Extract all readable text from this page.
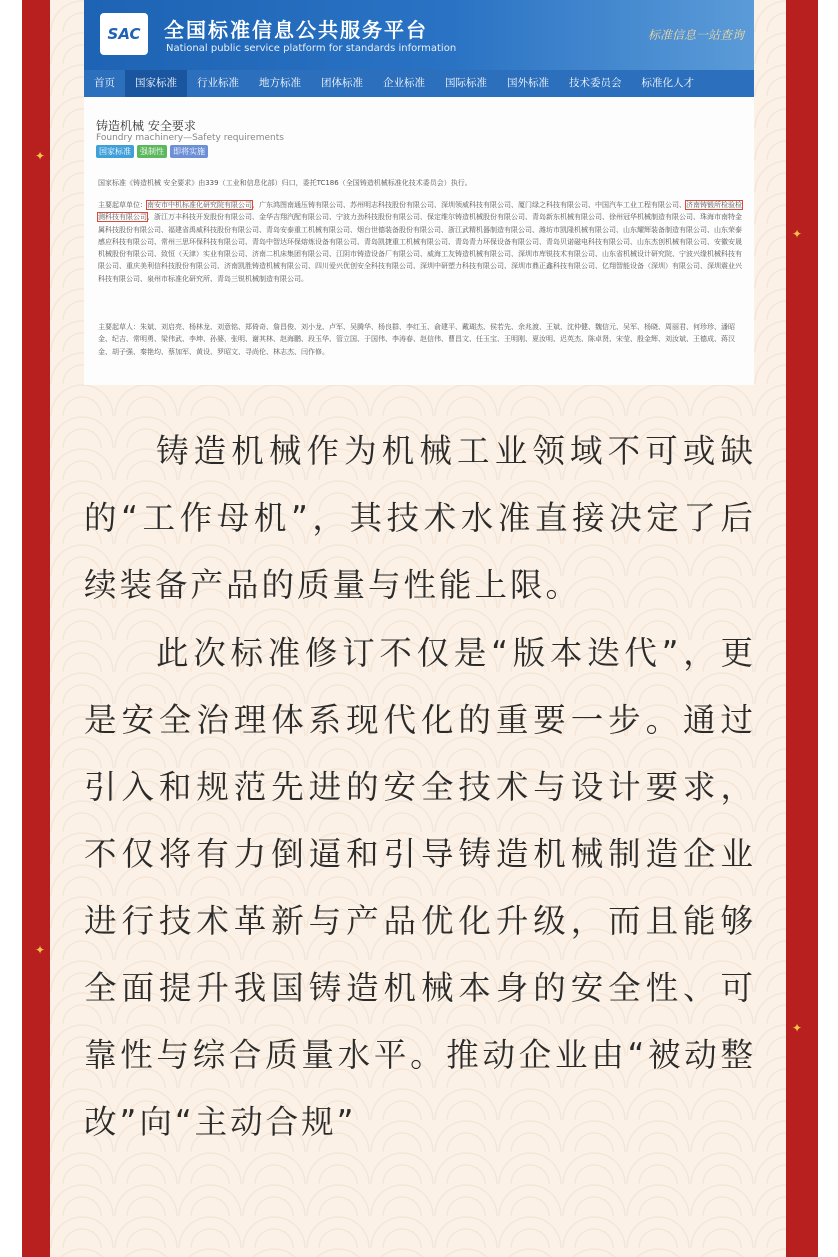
✦
✦
✦
✦
SAC 全国标准信息公共服务平台
National public service platform for standards information
标准信息一站查询
首页	国家标准	行业标准	地方标准	团体标准	企业标准	国际标准	国外标准	技术委员会	标准化人才
铸造机械 安全要求
Foundry machinery—Safety requirements
国家标准	强制性	即将实施
国家标准《铸造机械 安全要求》由339（工业和信息化部）归口，委托TC186（全国铸造机械标准化技术委员会）执行。
主要起草单位：南安市中机标准化研究院有限公司、广东鸿图南通压铸有限公司、苏州明志科技股份有限公司、深圳领威科技有限公司、厦门绿之科技有限公司、中国汽车工业工程有限公司、济南铸锻所检验检测科技有限公司、浙江万丰科技开发股份有限公司、金华吉翔汽配有限公司、宁波力劲科技股份有限公司、保定维尔铸造机械股份有限公司、青岛新东机械有限公司、徐州冠华机械制造有限公司、珠海市南特金属科技股份有限公司、福建省禹威科技股份有限公司、青岛安泰重工机械有限公司、烟台世德装备股份有限公司、浙江武精机器制造有限公司、潍坊市凯隆机械有限公司、山东耀辉装备制造有限公司、山东荣泰感应科技有限公司、常州三思环保科技有限公司、青岛中智达环保熔炼设备有限公司、青岛凯捷重工机械有限公司、青岛青力环保设备有限公司、青岛贝诺磁电科技有限公司、山东杰创机械有限公司、安徽安晟机械股份有限公司、致恒（天津）实业有限公司、济南二机床集团有限公司、江阴市铸造设备厂有限公司、威海工友铸造机械有限公司、深圳市库锐技术有限公司、山东省机械设计研究院、宁波兴缘机械科技有限公司、重庆美利信科技股份有限公司、济南凯胜铸造机械有限公司、四川爱兴优创安全科技有限公司、深圳中研塑力科技有限公司、深圳市鼎正鑫科技有限公司、亿翔智能设备（深圳）有限公司、深圳震业兴科技有限公司、泉州市标准化研究所、青岛三锐机械制造有限公司。
主要起草人：朱斌、刘启亮、杨林龙、刘意铭、郑倚奇、詹昌俊、刘小龙、卢军、吴腾华、杨良群、李红玉、俞建平、戴瑚杰、侯若先、余兆渡、王斌、沈仲健、魏信元、吴军、杨晓、周丽君、何珍珍、潘昭金、纪吉、常明勇、梁伟武、李坤、孙婆、张明、谢其林、赵海鹏、段玉华、管立国、于国伟、李涛春、赵信伟、曹昌文、任玉宝、王明刚、夏汝明、迟英杰、陈卓贤、宋莹、殷金辉、刘汝斌、王德成、蒋汉金、胡子强、秦艳均、蔡加军、黄设、罗昭文、寻尚伦、林志杰、闫作修。

铸造机械作为机械工业领域不可或缺的“工作母机”，其技术水准直接决定了后续装备产品的质量与性能上限。

此次标准修订不仅是“版本迭代”，更是安全治理体系现代化的重要一步。通过引入和规范先进的安全技术与设计要求，不仅将有力倒逼和引导铸造机械制造企业进行技术革新与产品优化升级，而且能够全面提升我国铸造机械本身的安全性、可靠性与综合质量水平。推动企业由“被动整改”向“主动合规”
